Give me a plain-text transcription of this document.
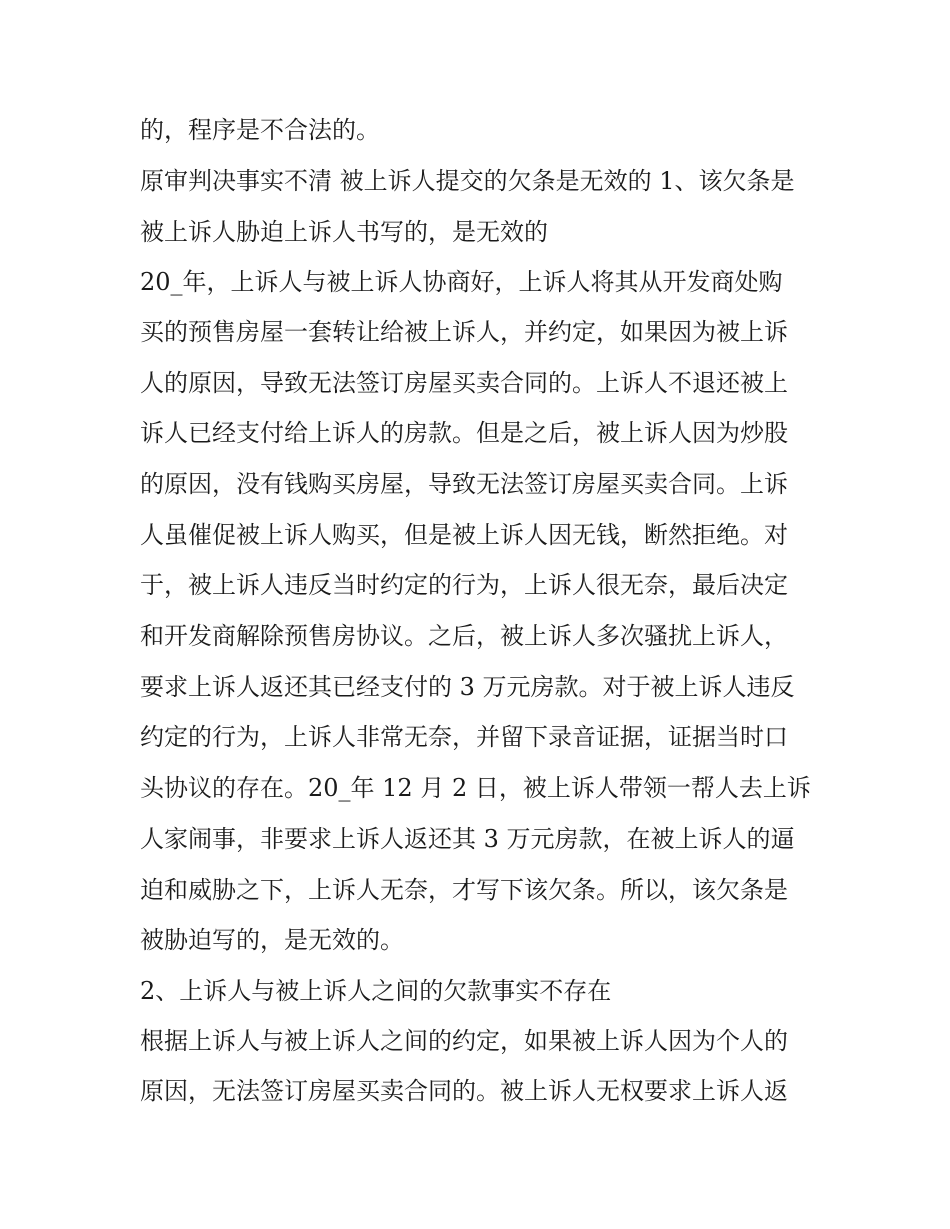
的，程序是不合法的。
原审判决事实不清 被上诉人提交的欠条是无效的 1、该欠条是
被上诉人胁迫上诉人书写的，是无效的
20_年，上诉人与被上诉人协商好，上诉人将其从开发商处购
买的预售房屋一套转让给被上诉人，并约定，如果因为被上诉
人的原因，导致无法签订房屋买卖合同的。上诉人不退还被上
诉人已经支付给上诉人的房款。但是之后，被上诉人因为炒股
的原因，没有钱购买房屋，导致无法签订房屋买卖合同。上诉
人虽催促被上诉人购买，但是被上诉人因无钱，断然拒绝。对
于，被上诉人违反当时约定的行为，上诉人很无奈，最后决定
和开发商解除预售房协议。之后，被上诉人多次骚扰上诉人，
要求上诉人返还其已经支付的 3 万元房款。对于被上诉人违反
约定的行为，上诉人非常无奈，并留下录音证据，证据当时口
头协议的存在。20_年 12 月 2 日，被上诉人带领一帮人去上诉
人家闹事，非要求上诉人返还其 3 万元房款，在被上诉人的逼
迫和威胁之下，上诉人无奈，才写下该欠条。所以，该欠条是
被胁迫写的，是无效的。
2、上诉人与被上诉人之间的欠款事实不存在
根据上诉人与被上诉人之间的约定，如果被上诉人因为个人的
原因，无法签订房屋买卖合同的。被上诉人无权要求上诉人返
